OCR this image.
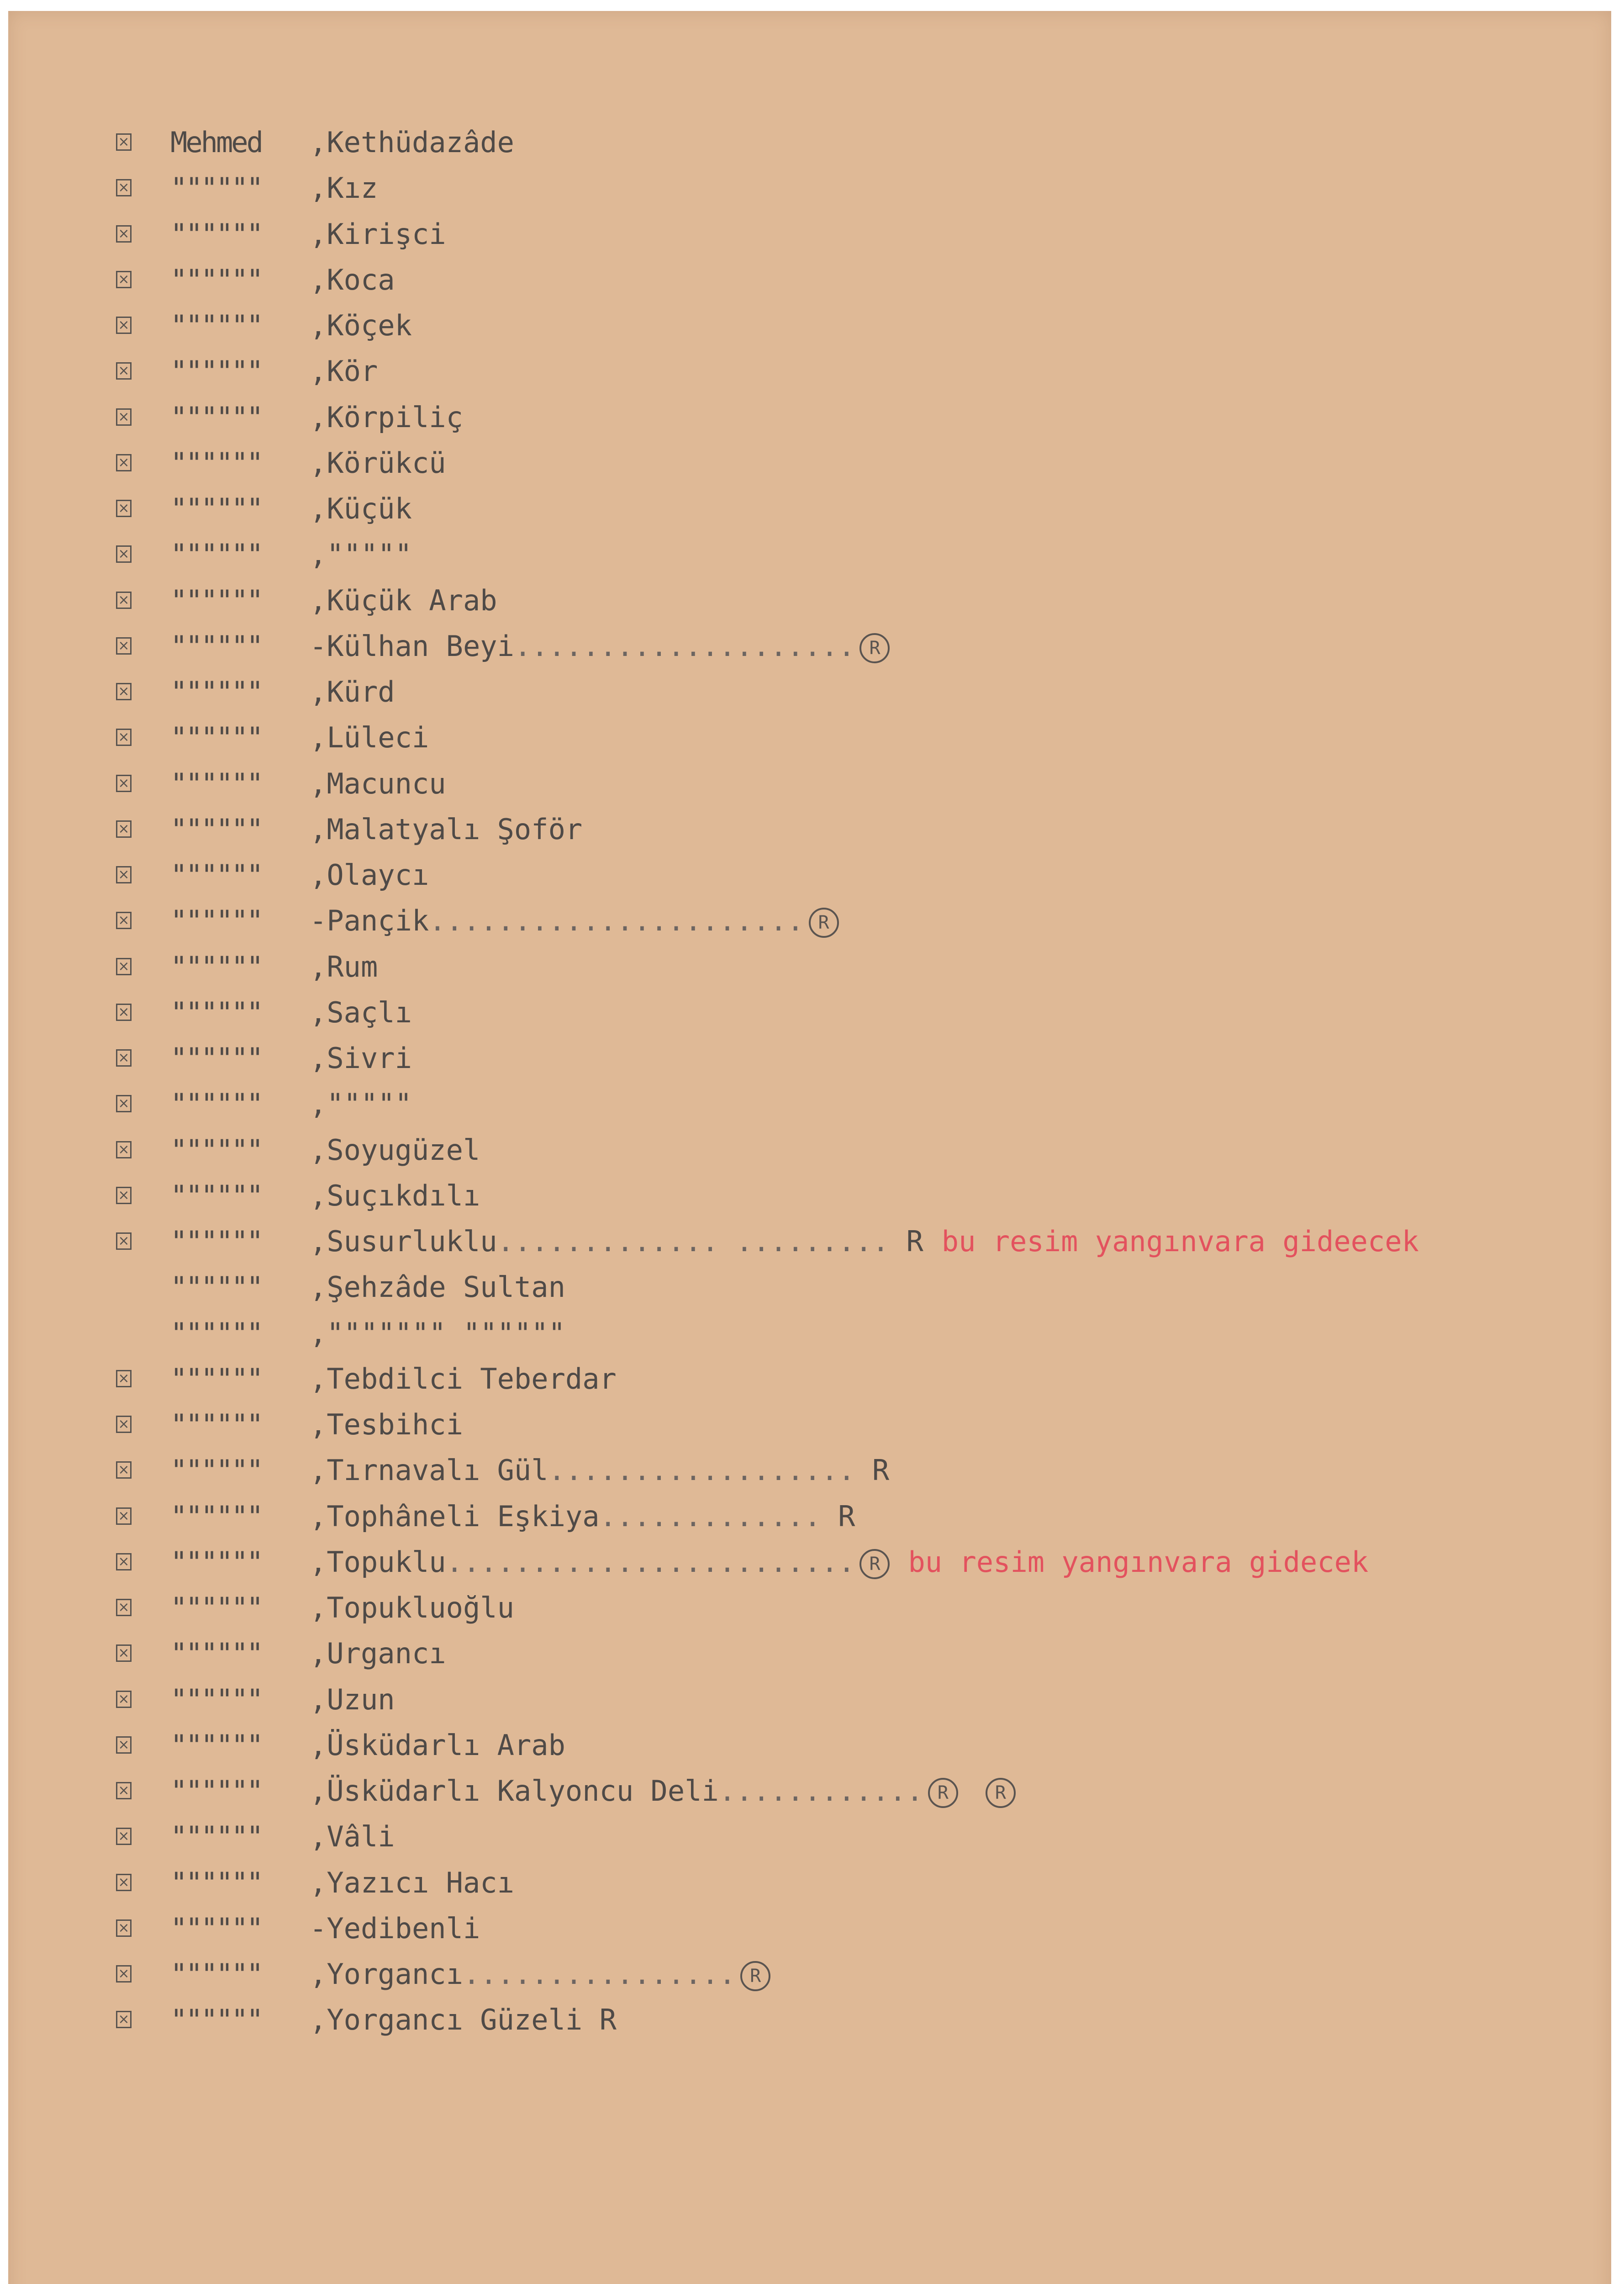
×
Mehmed ,Kethüdazâde
×
"""""" ,Kız
×
"""""" ,Kirişci
×
"""""" ,Koca
×
"""""" ,Köçek
×
"""""" ,Kör
×
"""""" ,Körpiliç
×
"""""" ,Körükcü
×
"""""" ,Küçük
×
"""""" ,"""""
×
"""""" ,Küçük Arab
×
"""""" -Külhan Beyi.................... R
×
"""""" ,Kürd
×
"""""" ,Lüleci
×
"""""" ,Macuncu
×
"""""" ,Malatyalı Şoför
×
"""""" ,Olaycı
×
"""""" -Pançik...................... R
×
"""""" ,Rum
×
"""""" ,Saçlı
×
"""""" ,Sivri
×
"""""" ,"""""
×
"""""" ,Soyugüzel
×
"""""" ,Suçıkdılı
×
"""""" ,Susurluklu............. ......... R bu resim yangınvara gideecek
"""""" ,Şehzâde Sultan
"""""" ,""""""" """"""
×
"""""" ,Tebdilci Teberdar
×
"""""" ,Tesbihci
×
"""""" ,Tırnavalı Gül.................. R
×
"""""" ,Tophâneli Eşkiya............. R
×
"""""" ,Topuklu........................ R bu resim yangınvara gidecek
×
"""""" ,Topukluoğlu
×
"""""" ,Urgancı
×
"""""" ,Uzun
×
"""""" ,Üsküdarlı Arab
×
"""""" ,Üsküdarlı Kalyoncu Deli............ R	R
×
"""""" ,Vâli
×
"""""" ,Yazıcı Hacı
×
"""""" -Yedibenli
×
"""""" ,Yorgancı................ R
×
"""""" ,Yorgancı Güzeli R
